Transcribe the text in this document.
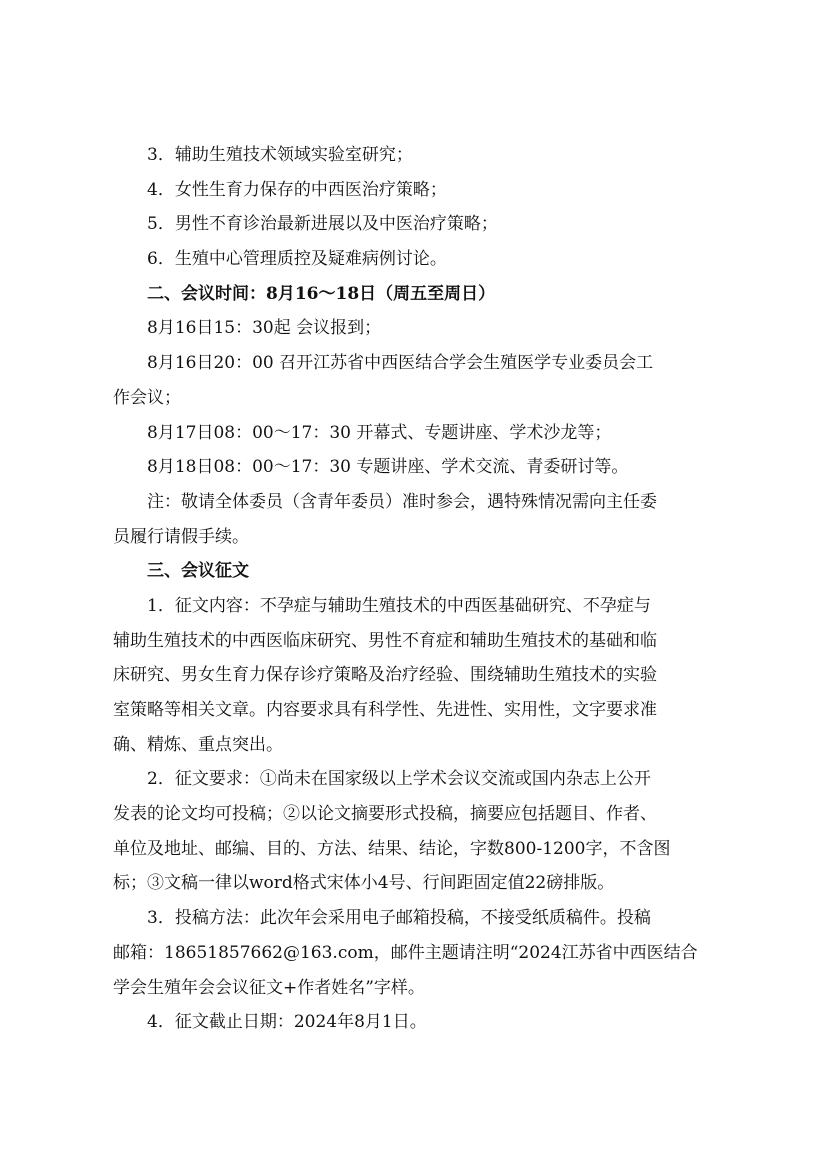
3．辅助生殖技术领域实验室研究；
4．女性生育力保存的中西医治疗策略；
5．男性不育诊治最新进展以及中医治疗策略；
6．生殖中心管理质控及疑难病例讨论。
二、会议时间：8月16～18日（周五至周日）
8月16日15：30起 会议报到；
8月16日20：00 召开江苏省中西医结合学会生殖医学专业委员会工
作会议；
8月17日08：00～17：30 开幕式、专题讲座、学术沙龙等；
8月18日08：00～17：30 专题讲座、学术交流、青委研讨等。
注：敬请全体委员（含青年委员）准时参会，遇特殊情况需向主任委
员履行请假手续。
三、会议征文
1．征文内容：不孕症与辅助生殖技术的中西医基础研究、不孕症与
辅助生殖技术的中西医临床研究、男性不育症和辅助生殖技术的基础和临
床研究、男女生育力保存诊疗策略及治疗经验、围绕辅助生殖技术的实验
室策略等相关文章。内容要求具有科学性、先进性、实用性，文字要求准
确、精炼、重点突出。
2．征文要求：①尚未在国家级以上学术会议交流或国内杂志上公开
发表的论文均可投稿；②以论文摘要形式投稿，摘要应包括题目、作者、
单位及地址、邮编、目的、方法、结果、结论，字数800-1200字，不含图
标；③文稿一律以word格式宋体小4号、行间距固定值22磅排版。
3．投稿方法：此次年会采用电子邮箱投稿，不接受纸质稿件。投稿
邮箱：18651857662@163.com，邮件主题请注明“2024江苏省中西医结合
学会生殖年会会议征文+作者姓名”字样。
4．征文截止日期：2024年8月1日。
